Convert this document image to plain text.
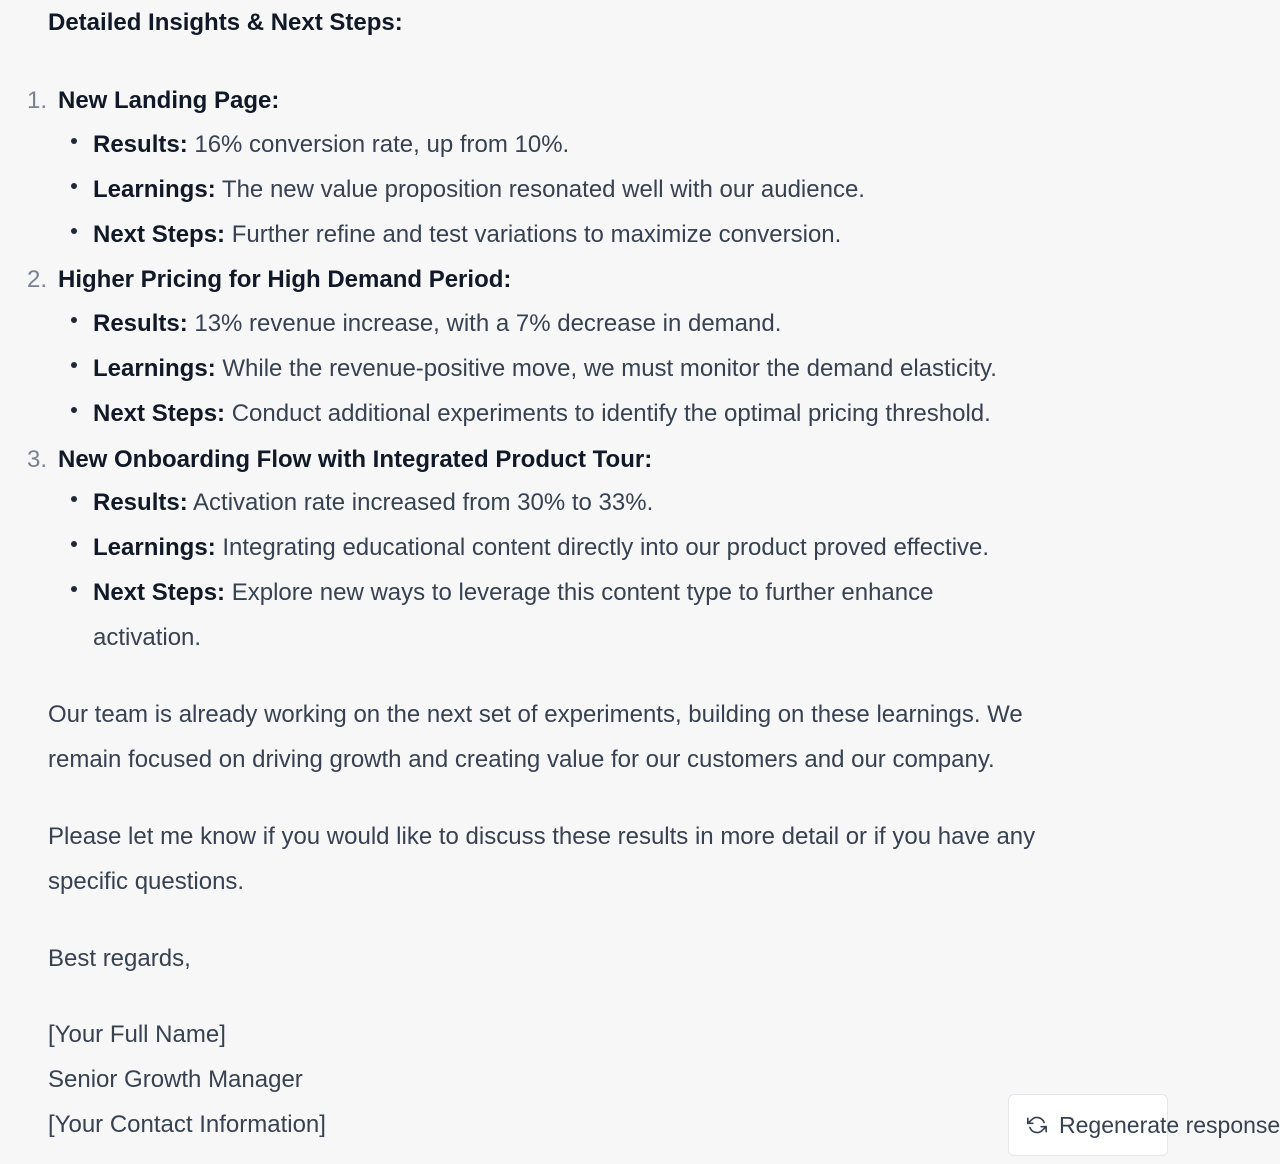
Detailed Insights & Next Steps:
1. New Landing Page:
Results: 16% conversion rate, up from 10%.
Learnings: The new value proposition resonated well with our audience.
Next Steps: Further refine and test variations to maximize conversion.
2. Higher Pricing for High Demand Period:
Results: 13% revenue increase, with a 7% decrease in demand.
Learnings: While the revenue-positive move, we must monitor the demand elasticity.
Next Steps: Conduct additional experiments to identify the optimal pricing threshold.
3. New Onboarding Flow with Integrated Product Tour:
Results: Activation rate increased from 30% to 33%.
Learnings: Integrating educational content directly into our product proved effective.
Next Steps: Explore new ways to leverage this content type to further enhance activation.
Our team is already working on the next set of experiments, building on these learnings. We remain focused on driving growth and creating value for our customers and our company.
Please let me know if you would like to discuss these results in more detail or if you have any specific questions.
Best regards,
[Your Full Name]
Senior Growth Manager
[Your Contact Information]	Regenerate response
